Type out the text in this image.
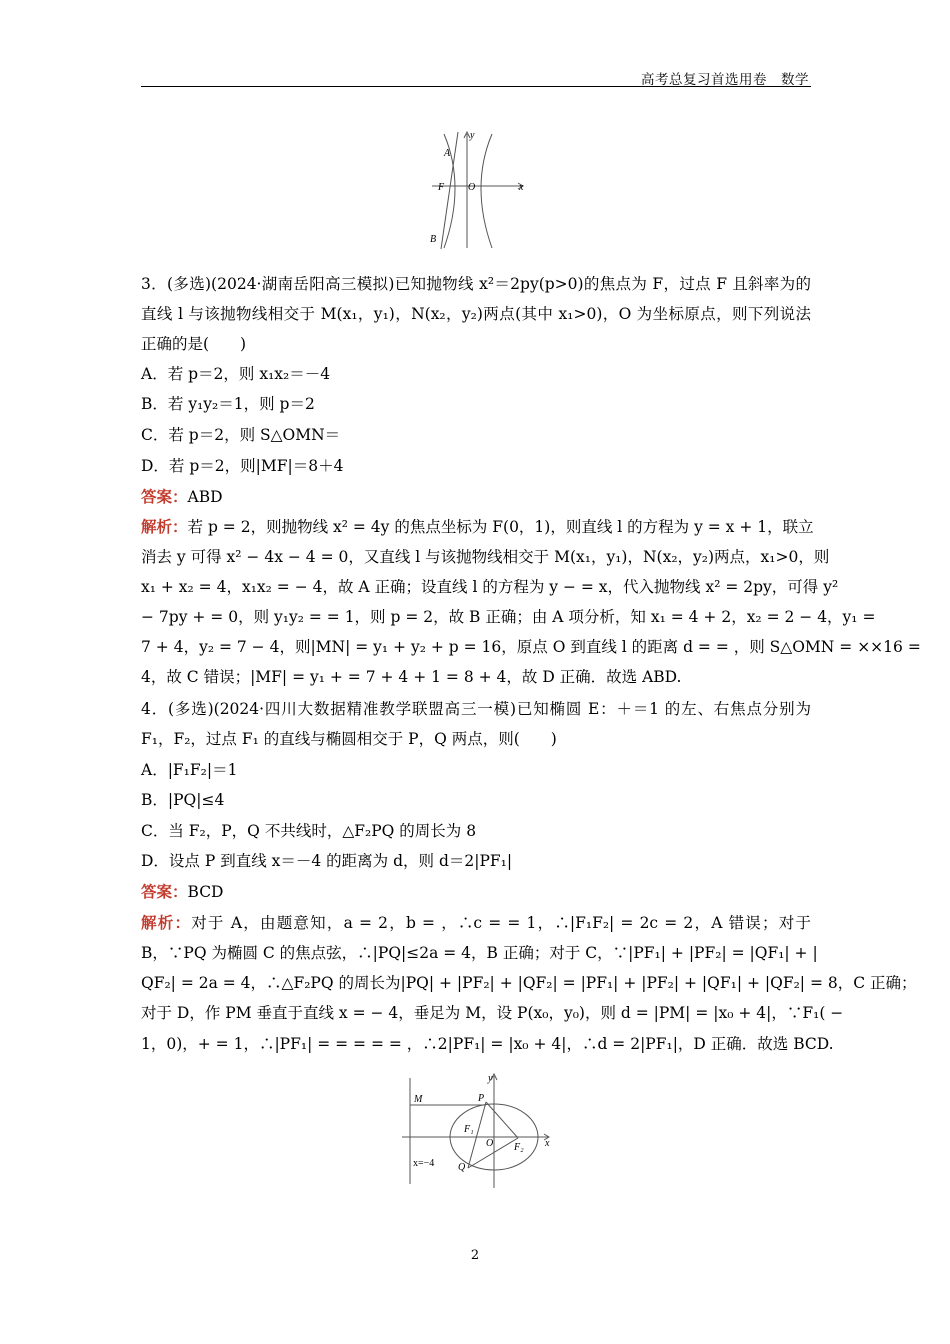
高考总复习首选用卷　数学
y
A
F O	x
B
3．(多选)(2024·湖南岳阳高三模拟)已知抛物线 x²＝2py(p>0)的焦点为 F，过点 F 且斜率为的
直线 l 与该抛物线相交于 M(x₁，y₁)，N(x₂，y₂)两点(其中 x₁>0)，O 为坐标原点，则下列说法
正确的是(　　)
A．若 p＝2，则 x₁x₂＝－4
B．若 y₁y₂＝1，则 p＝2
C．若 p＝2，则 S△OMN＝
D．若 p＝2，则|MF|＝8＋4
答案：ABD
解析：若 p = 2，则抛物线 x² = 4y 的焦点坐标为 F(0，1)，则直线 l 的方程为 y = x + 1，联立
消去 y 可得 x² − 4x − 4 = 0，又直线 l 与该抛物线相交于 M(x₁，y₁)，N(x₂，y₂)两点，x₁>0，则
x₁ + x₂ = 4，x₁x₂ = − 4，故 A 正确；设直线 l 的方程为 y − = x，代入抛物线 x² = 2py，可得 y²
− 7py + = 0，则 y₁y₂ = = 1，则 p = 2，故 B 正确；由 A 项分析，知 x₁ = 4 + 2，x₂ = 2 − 4，y₁ =
7 + 4，y₂ = 7 − 4，则|MN| = y₁ + y₂ + p = 16，原点 O 到直线 l 的距离 d = = ，则 S△OMN = ××16 =
4，故 C 错误；|MF| = y₁ + = 7 + 4 + 1 = 8 + 4，故 D 正确．故选 ABD.
4．(多选)(2024·四川大数据精准教学联盟高三一模)已知椭圆 E：＋＝1 的左、右焦点分别为
F₁，F₂，过点 F₁ 的直线与椭圆相交于 P，Q 两点，则(　　)
A．|F₁F₂|＝1
B．|PQ|≤4
C．当 F₂，P，Q 不共线时，△F₂PQ 的周长为 8
D．设点 P 到直线 x＝－4 的距离为 d，则 d＝2|PF₁|
答案：BCD
解析：对于 A，由题意知，a = 2，b = ，∴c = = 1，∴|F₁F₂| = 2c = 2，A 错误；对于
B，∵PQ 为椭圆 C 的焦点弦，∴|PQ|≤2a = 4，B 正确；对于 C，∵|PF₁| + |PF₂| = |QF₁| + |
QF₂| = 2a = 4，∴△F₂PQ 的周长为|PQ| + |PF₂| + |QF₂| = |PF₁| + |PF₂| + |QF₁| + |QF₂| = 8，C 正确；
对于 D，作 PM 垂直于直线 x = − 4，垂足为 M，设 P(x₀，y₀)，则 d = |PM| = |x₀ + 4|，∵F₁( −
1，0)，+ = 1，∴|PF₁| = = = = = ，∴2|PF₁| = |x₀ + 4|，∴d = 2|PF₁|，D 正确．故选 BCD.
y
M	P
F₁
O F₂ x
Q
x=−4
2
